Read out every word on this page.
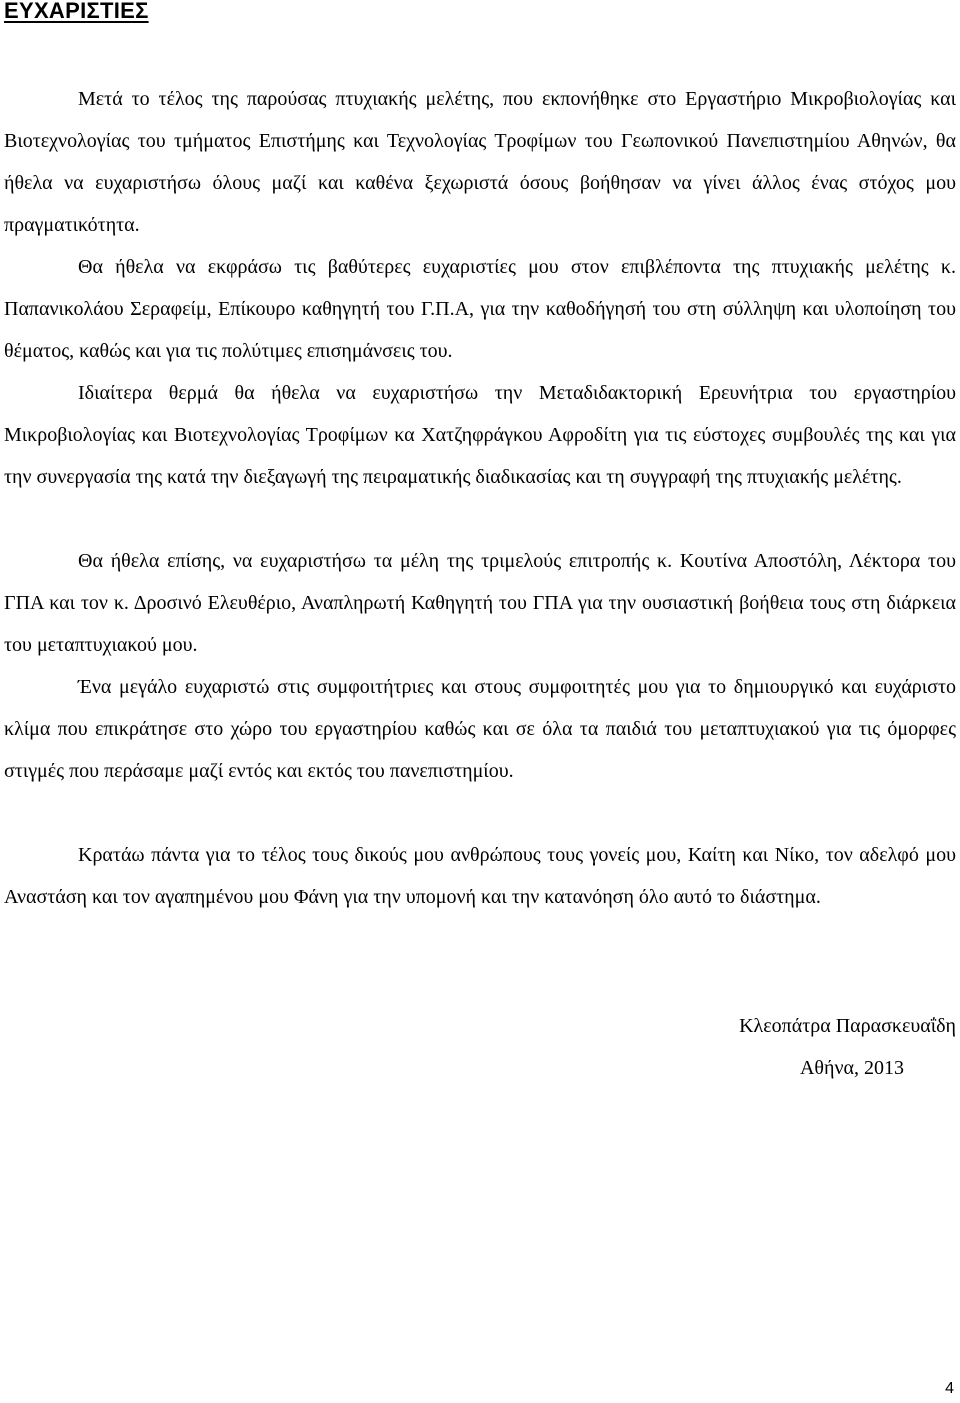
ΕΥΧΑΡΙΣΤΙΕΣ

Μετά το τέλος της παρούσας πτυχιακής μελέτης, που εκπονήθηκε στο Εργαστήριο Μικροβιολογίας και Βιοτεχνολογίας του τμήματος Επιστήμης και Τεχνολογίας Τροφίμων του Γεωπονικού Πανεπιστημίου Αθηνών, θα ήθελα να ευχαριστήσω όλους μαζί και καθένα ξεχωριστά όσους βοήθησαν να γίνει άλλος ένας στόχος μου πραγματικότητα.

Θα ήθελα να εκφράσω τις βαθύτερες ευχαριστίες μου στον επιβλέποντα της πτυχιακής μελέτης κ. Παπανικολάου Σεραφείμ, Επίκουρο καθηγητή του Γ.Π.Α, για την καθοδήγησή του στη σύλληψη και υλοποίηση του θέματος, καθώς και για τις πολύτιμες επισημάνσεις του.

Ιδιαίτερα θερμά θα ήθελα να ευχαριστήσω την Μεταδιδακτορική Ερευνήτρια του εργαστηρίου Μικροβιολογίας και Βιοτεχνολογίας Τροφίμων κα Χατζηφράγκου Αφροδίτη για τις εύστοχες συμβουλές της και για την συνεργασία της κατά την διεξαγωγή της πειραματικής διαδικασίας και τη συγγραφή της πτυχιακής μελέτης.

Θα ήθελα επίσης, να ευχαριστήσω τα μέλη της τριμελούς επιτροπής κ. Κουτίνα Αποστόλη, Λέκτορα του ΓΠΑ και τον κ. Δροσινό Ελευθέριο, Αναπληρωτή Καθηγητή του ΓΠΑ για την ουσιαστική βοήθεια τους στη διάρκεια του μεταπτυχιακού μου.

Ένα μεγάλο ευχαριστώ στις συμφοιτήτριες και στους συμφοιτητές μου για το δημιουργικό και ευχάριστο κλίμα που επικράτησε στο χώρο του εργαστηρίου καθώς και σε όλα τα παιδιά του μεταπτυχιακού για τις όμορφες στιγμές που περάσαμε μαζί εντός και εκτός του πανεπιστημίου.

Κρατάω πάντα για το τέλος τους δικούς μου ανθρώπους τους γονείς μου, Καίτη και Νίκο, τον αδελφό μου Αναστάση και τον αγαπημένου μου Φάνη για την υπομονή και την κατανόηση όλο αυτό το διάστημα.

Κλεοπάτρα Παρασκευαΐδη

Αθήνα, 2013

4
